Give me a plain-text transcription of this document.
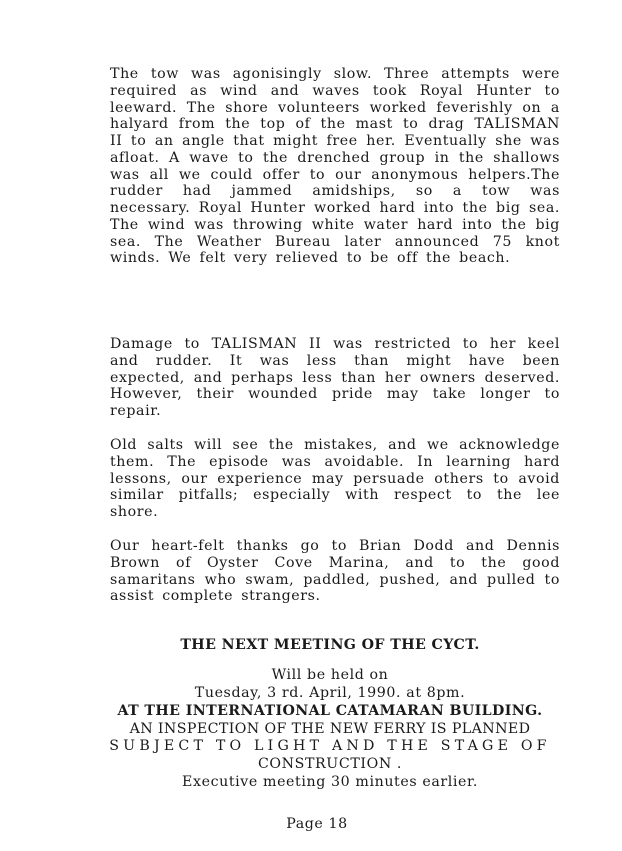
The tow was agonisingly slow. Three attempts were required as wind and waves took Royal Hunter to leeward. The shore volunteers worked feverishly on a halyard from the top of the mast to drag TALISMAN II to an angle that might free her. Eventually she was afloat. A wave to the drenched group in the shallows was all we could offer to our anonymous helpers.The rudder had jammed amidships, so a tow was necessary. Royal Hunter worked hard into the big sea. The wind was throwing white water hard into the big sea. The Weather Bureau later announced 75 knot winds. We felt very relieved to be off the beach.

Damage to TALISMAN II was restricted to her keel and rudder. It was less than might have been expected, and perhaps less than her owners deserved. However, their wounded pride may take longer to repair.

Old salts will see the mistakes, and we acknowledge them. The episode was avoidable. In learning hard lessons, our experience may persuade others to avoid similar pitfalls; especially with respect to the lee shore.

Our heart-felt thanks go to Brian Dodd and Dennis Brown of Oyster Cove Marina, and to the good samaritans who swam, paddled, pushed, and pulled to assist complete strangers.

THE NEXT MEETING OF THE CYCT.

Will be held on

Tuesday, 3 rd. April, 1990. at 8pm.

AT THE INTERNATIONAL CATAMARAN BUILDING.

AN INSPECTION OF THE NEW FERRY IS PLANNED

SUBJECT TO LIGHT AND THE STAGE OF

CONSTRUCTION .

Executive meeting 30 minutes earlier.

Page 18
